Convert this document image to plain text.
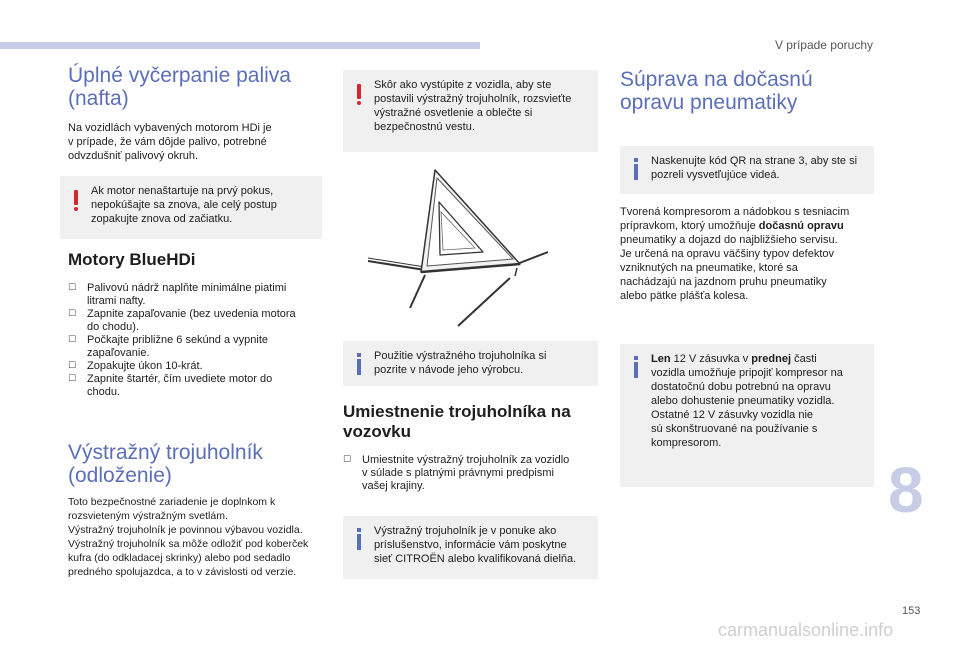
V prípade poruchy
Úplné vyčerpanie paliva
(nafta)

Na vozidlách vybavených motorom HDi je
v prípade, že vám dôjde palivo, potrebné
odvzdušniť palivový okruh.

Ak motor nenaštartuje na prvý pokus,
nepokúšajte sa znova, ale celý postup
zopakujte znova od začiatku.
Motory BlueHDi
☐ Palivovú nádrž naplňte minimálne piatimi
litrami nafty.
☐ Zapnite zapaľovanie (bez uvedenia motora
do chodu).
☐ Počkajte približne 6 sekúnd a vypnite
zapaľovanie.
☐ Zopakujte úkon 10-krát.
☐ Zapnite štartér, čím uvediete motor do
chodu.
Výstražný trojuholník
(odloženie)

Toto bezpečnostné zariadenie je doplnkom k
rozsvieteným výstražným svetlám.
Výstražný trojuholník je povinnou výbavou vozidla.
Výstražný trojuholník sa môže odložiť pod koberček
kufra (do odkladacej skrinky) alebo pod sedadlo
predného spolujazdca, a to v závislosti od verzie.

Skôr ako vystúpite z vozidla, aby ste
postavili výstražný trojuholník, rozsvieťte
výstražné osvetlenie a oblečte si
bezpečnostnú vestu.
Použitie výstražného trojuholníka si
pozrite v návode jeho výrobcu.
Umiestnenie trojuholníka na
vozovku
☐ Umiestnite výstražný trojuholník za vozidlo
v súlade s platnými právnymi predpismi
vašej krajiny.
Výstražný trojuholník je v ponuke ako
príslušenstvo, informácie vám poskytne
sieť CITROËN alebo kvalifikovaná dielňa.
Súprava na dočasnú
opravu pneumatiky
Naskenujte kód QR na strane 3, aby ste si
pozreli vysvetľujúce videá.

Tvorená kompresorom a nádobkou s tesniacim
prípravkom, ktorý umožňuje dočasnú opravu
pneumatiky a dojazd do najbližšieho servisu.
Je určená na opravu väčšiny typov defektov
vzniknutých na pneumatike, ktoré sa
nachádzajú na jazdnom pruhu pneumatiky
alebo pätke plášťa kolesa.

Len 12 V zásuvka v prednej časti
vozidla umožňuje pripojiť kompresor na
dostatočnú dobu potrebnú na opravu
alebo dohustenie pneumatiky vozidla.
Ostatné 12 V zásuvky vozidla nie
sú skonštruované na používanie s
kompresorom.
8
153
carmanualsonline.info
